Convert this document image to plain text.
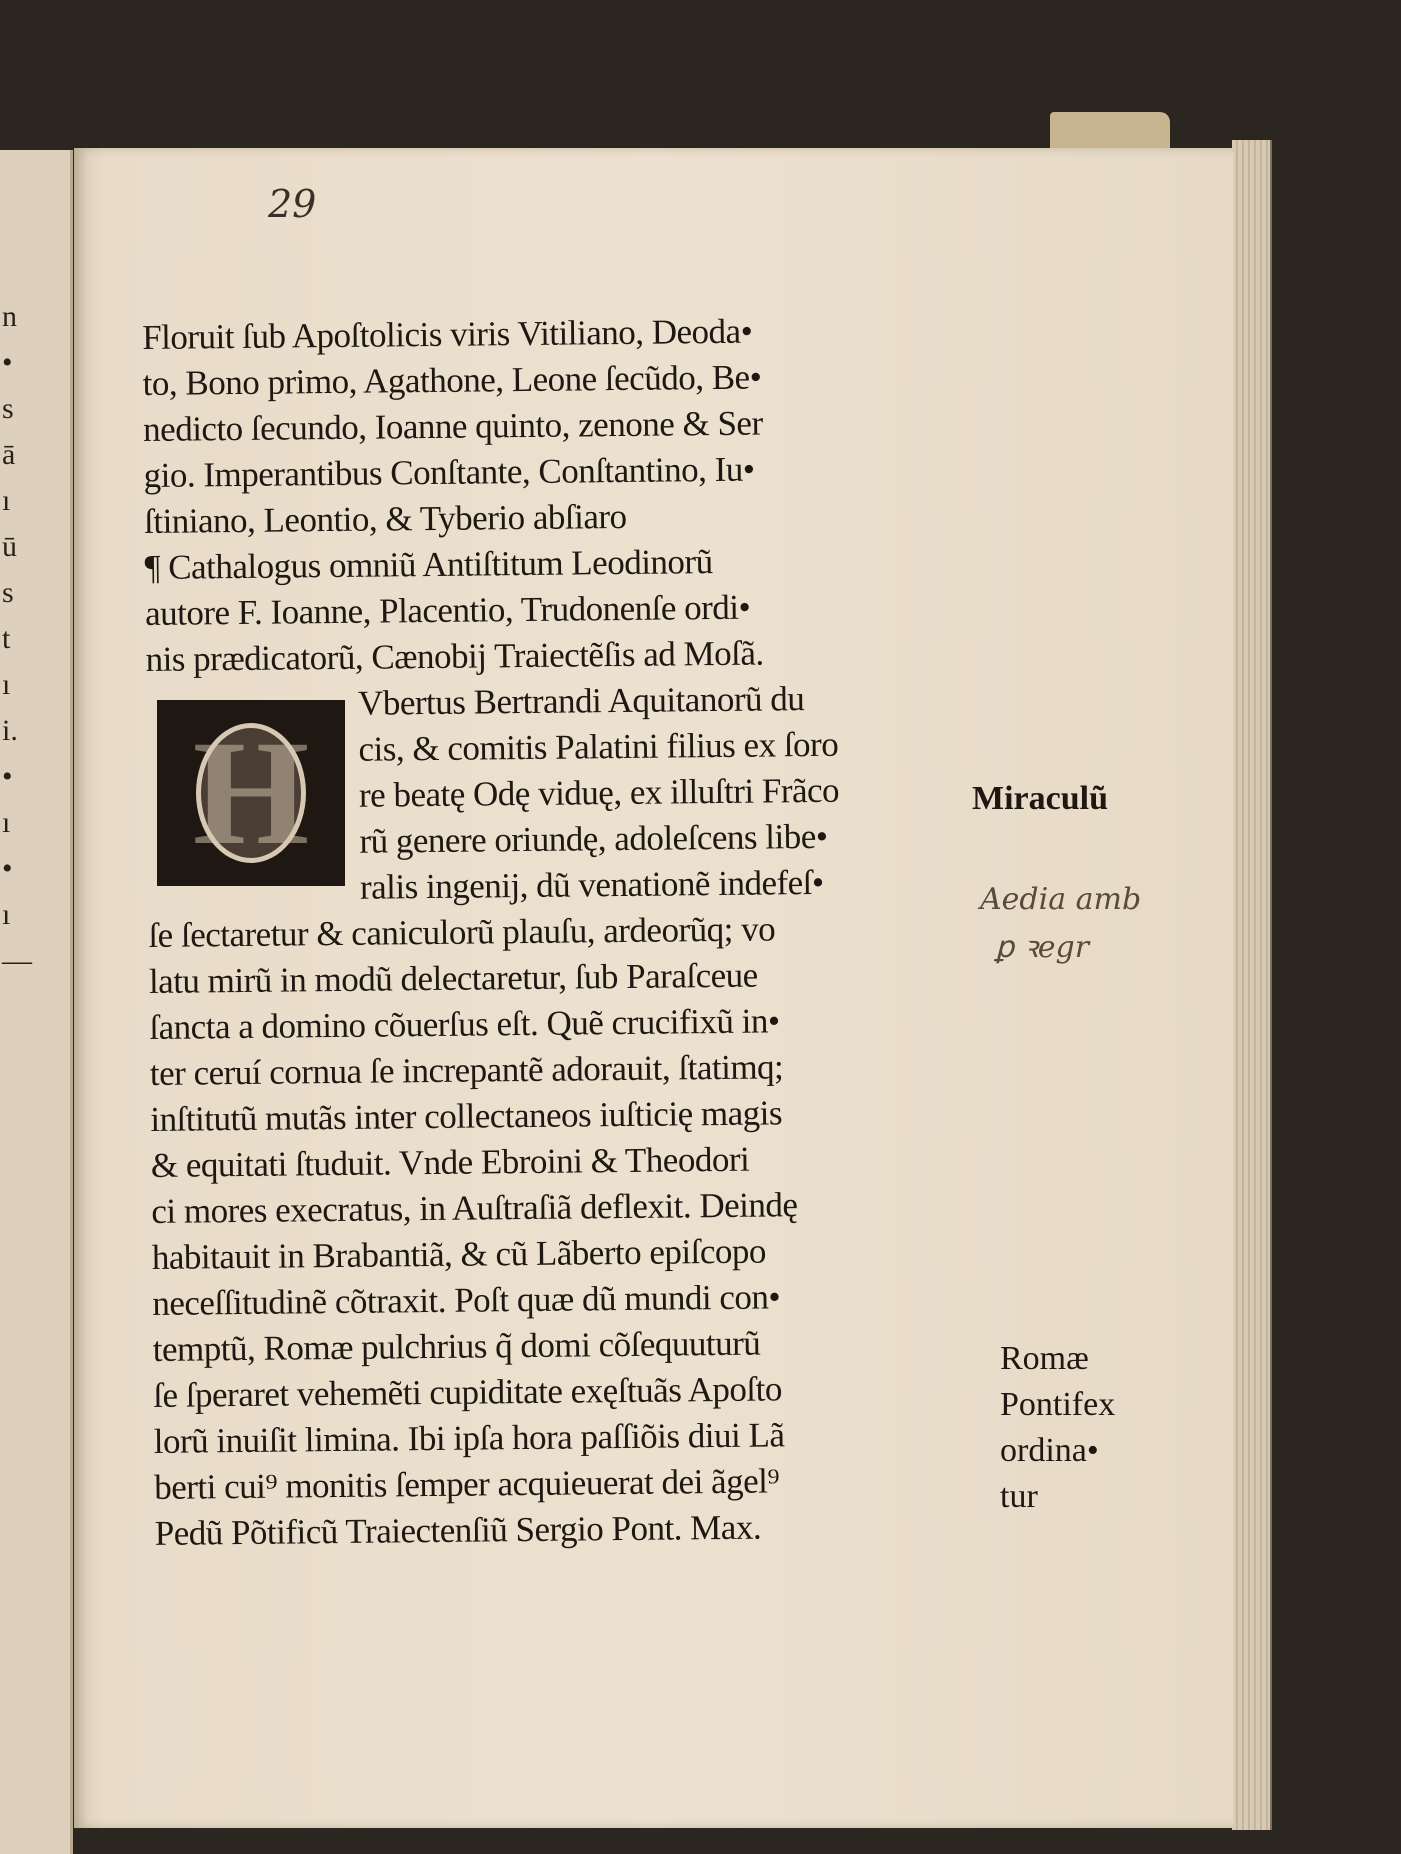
n
•
s
ā
ı
ū
s
t
ı
i.
•
ı
•
ı
—
29
H
Floruit ſub Apoſtolicis viris Vitiliano, Deoda•
to, Bono primo, Agathone, Leone ſecũdo, Be•
nedicto ſecundo, Ioanne quinto, zenone & Ser
gio. Imperantibus Conſtante, Conſtantino, Iu•
ſtiniano, Leontio, & Tyberio abſiaro
¶ Cathalogus omniũ Antiſtitum Leodinorũ
autore F. Ioanne, Placentio, Trudonenſe ordi•
nis prædicatorũ, Cænobij Traiectẽſis ad Moſã.
Vbertus Bertrandi Aquitanorũ du
cis, & comitis Palatini filius ex ſoro
re beatę Odę viduę, ex illuſtri Frãco
rũ genere oriundę, adoleſcens libe•
ralis ingenij, dũ venationẽ indefeſ•
ſe ſectaretur & caniculorũ plauſu, ardeorũq; vo
latu mirũ in modũ delectaretur, ſub Paraſceue
ſancta a domino cõuerſus eſt. Quẽ crucifixũ in•
ter ceruí cornua ſe increpantẽ adorauit, ſtatimq;
inſtitutũ mutãs inter collectaneos iuſticię magis
& equitati ſtuduit. Vnde Ebroini & Theodori
ci mores execratus, in Auſtraſiã deflexit. Deindę
habitauit in Brabantiã, & cũ Lãberto epiſcopo
neceſſitudinẽ cõtraxit. Poſt quæ dũ mundi con•
temptũ, Romæ pulchrius q̃ domi cõſequuturũ
ſe ſperaret vehemẽti cupiditate exęſtuãs Apoſto
lorũ inuiſit limina. Ibi ipſa hora paſſiõis diui Lã
berti cui⁹ monitis ſemper acquieuerat dei ãgel⁹
Pedũ Põtificũ Traiectenſiũ Sergio Pont. Max.
Miraculũ
Romæ
Pontifex
ordina•
tur
Aedia amb
ꝑ ꝛegr
